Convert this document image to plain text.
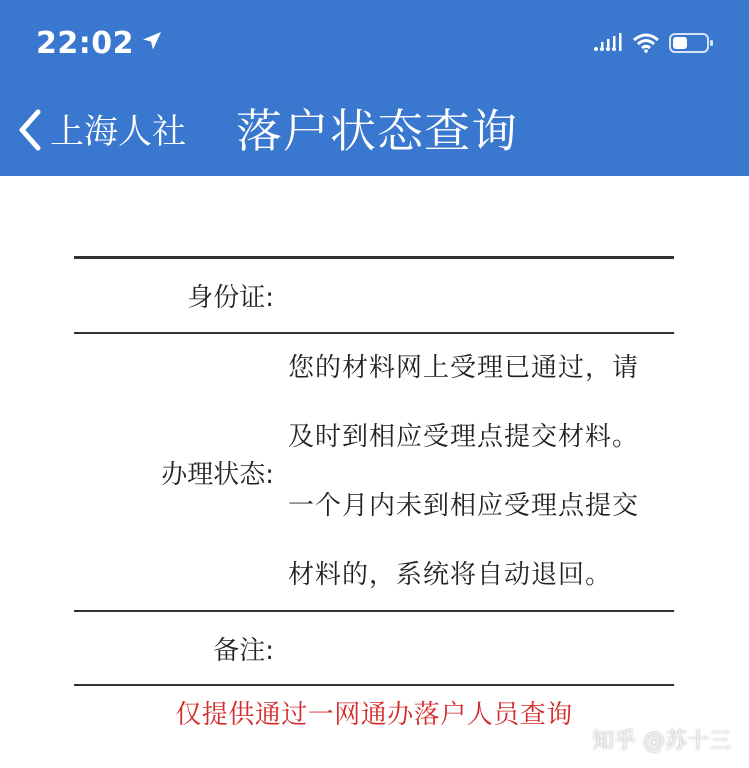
22:02
上海人社 落户状态查询
身份证:
办理状态:
您的材料网上受理已通过，请
及时到相应受理点提交材料。
一个月内未到相应受理点提交
材料的，系统将自动退回。
备注:
仅提供通过一网通办落户人员查询
知乎 @苏十三
